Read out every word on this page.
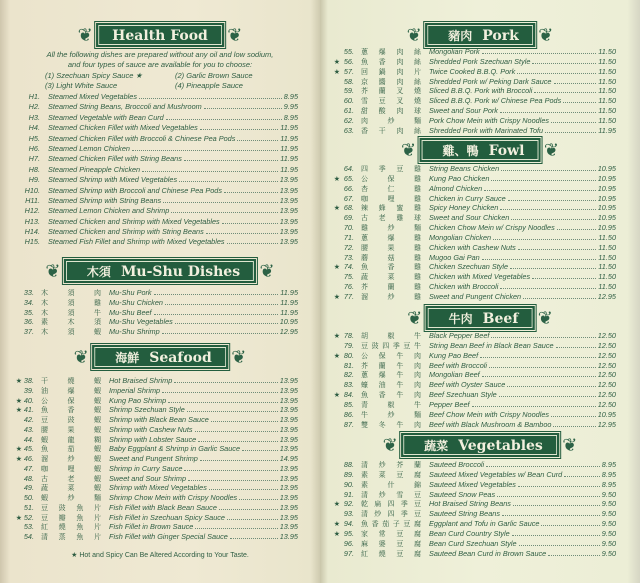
❦	Health Food	❦
All the following dishes are prepared without any oil and low sodium,
and four types of sauce are available for you to choose:
(1) Szechuan Spicy Sauce ★	(2) Garlic Brown Sauce
(3) Light White Sauce	(4) Pineapple Sauce
H1. Steamed Mixed Vegetables	8.95
H2. Steamed String Beans, Broccoli and Mushroom	9.95
H3. Steamed Vegetable with Bean Curd	8.95
H4. Steamed Chicken Fillet with Mixed Vegetables	11.95
H5. Steamed Chicken Fillet with Broccoli & Chinese Pea Pods	11.95
H6. Steamed Lemon Chicken	11.95
H7. Steamed Chicken Fillet with String Beans	11.95
H8. Steamed Pineapple Chicken	11.95
H9. Steamed Shrimp with Mixed Vegetables	13.95
H10. Steamed Shrimp with Broccoli and Chinese Pea Pods	13.95
H11. Steamed Shrimp with String Beans	13.95
H12. Steamed Lemon Chicken and Shrimp	13.95
H13. Steamed Chicken and Shrimp with Mixed Vegetables	13.95
H14. Steamed Chicken and Shrimp with String Beans	13.95
H15. Steamed Fish Fillet and Shrimp with Mixed Vegetables	13.95
❦	木須 Mu-Shu Dishes	❦
33. 木須肉 Mu-Shu Pork	11.95
34. 木須雞 Mu-Shu Chicken	11.95
35. 木須牛 Mu-Shu Beef	11.95
36. 素木須 Mu-Shu Vegetables	10.95
37. 木須蝦 Mu-Shu Shrimp	12.95
❦	海鮮 Seafood	❦
★ 38. 干燒蝦 Hot Braised Shrimp	13.95
39. 油爆蝦 Imperial Shrimp	13.95
★ 40. 公保蝦 Kung Pao Shrimp	13.95
★ 41. 魚香蝦 Shrimp Szechuan Style	13.95
42. 豆豉蝦 Shrimp with Black Bean Sauce	13.95
43. 腰果蝦 Shrimp with Cashew Nuts	13.95
44. 蝦龍糊 Shrimp with Lobster Sauce	13.95
★ 45. 魚茄蝦 Baby Eggplant & Shrimp in Garlic Sauce	13.95
★ 46. 溜炒蝦 Sweet and Pungent Shrimp	14.95
47. 咖哩蝦 Shrimp in Curry Sauce	13.95
48. 古老蝦 Sweet and Sour Shrimp	13.95
49. 蔬菜蝦 Shrimp with Mixed Vegetables	13.95
50. 蝦炒麵 Shrimp Chow Mein with Crispy Noodles	13.95
51. 豆豉魚片 Fish Fillet with Black Bean Sauce	13.95
★ 52. 豆瓣魚片 Fish Fillet in Szechuan Spicy Sauce	13.95
53. 紅燒魚片 Fish Fillet in Brown Sauce	13.95
54. 清蒸魚片 Fish Fillet with Ginger Special Sauce	13.95
★ Hot and Spicy Can Be Altered According to Your Taste.
❦	豬肉 Pork	❦
55. 蔥爆肉絲 Mongolian Pork	11.50
★ 56. 魚香肉絲 Shredded Pork Szechuan Style	11.50
★ 57. 回鍋肉片 Twice Cooked B.B.Q. Pork	11.50
58. 京醬肉絲 Shredded Pork w/ Peking Dark Sauce	11.50
59. 芥蘭叉燒 Sliced B.B.Q. Pork with Broccoli	11.50
60. 雪豆叉燒 Sliced B.B.Q. Pork w/ Chinese Pea Pods	11.50
61. 甜酸肉球 Sweet and Sour Pork	11.50
62. 肉炒麵 Pork Chow Mein with Crispy Noodles	11.50
63. 香干肉絲 Shredded Pork with Marinated Tofu	11.95
❦	雞、鴨 Fowl	❦
64. 四季豆雞 String Beans Chicken	10.95
★ 65. 公保雞 Kung Pao Chicken	10.95
66. 杏仁雞 Almond Chicken	10.95
67. 咖哩雞 Chicken in Curry Sauce	10.95
★ 68. 辣蜂蜜雞 Spicy Honey Chicken	10.95
69. 古老雞球 Sweet and Sour Chicken	10.95
70. 雞炒麵 Chicken Chow Mein w/ Crispy Noodles	10.95
71. 蔥爆雞 Mongolian Chicken	11.50
72. 腰果雞 Chicken with Cashew Nuts	11.50
73. 蘑菇雞 Mugoo Gai Pan	11.50
★ 74. 魚香雞 Chicken Szechuan Style	11.50
75. 蔬菜雞 Chicken with Mixed Vegetables	11.50
76. 芥蘭雞 Chicken with Broccoli	11.50
★ 77. 溜炒雞 Sweet and Pungent Chicken	12.95
❦	牛肉 Beef	❦
★ 78. 胡椒牛 Black Pepper Beef	12.50
79. 豆豉四季豆牛 String Bean Beef in Black Bean Sauce	12.50
★ 80. 公保牛肉 Kung Pao Beef	12.50
81. 芥蘭牛肉 Beef with Broccoli	12.50
82. 蔥爆牛肉 Mongolian Beef	12.50
83. 蠔油牛肉 Beef with Oyster Sauce	12.50
★ 84. 魚香牛肉 Beef Szechuan Style	12.50
85. 青椒牛 Pepper Beef	12.50
86. 牛炒麵 Beef Chow Mein with Crispy Noodles	10.95
87. 雙冬牛肉 Beef with Black Mushroom & Bamboo	12.95
❦	蔬菜 Vegetables	❦
88. 清炒芥蘭 Sauteed Broccoli	8.95
89. 素菜豆腐 Sauteed Mixed Vegetables w/ Bean Curd	8.95
90. 素什錦 Sauteed Mixed Vegetables	8.95
91. 清炒雪豆 Sauteed Snow Peas	9.50
★ 92. 乾扁四季豆 Hot Braised String Beans	9.50
93. 清炒四季豆 Sauteed String Beans	9.50
★ 94. 魚香茄子豆腐 Eggplant and Tofu in Garlic Sauce	9.50
★ 95. 家常豆腐 Bean Curd Country Style	9.50
96. 麻婆豆腐 Bean Curd Szechuan Style	9.50
97. 紅燒豆腐 Sauteed Bean Curd in Brown Sauce	9.50
